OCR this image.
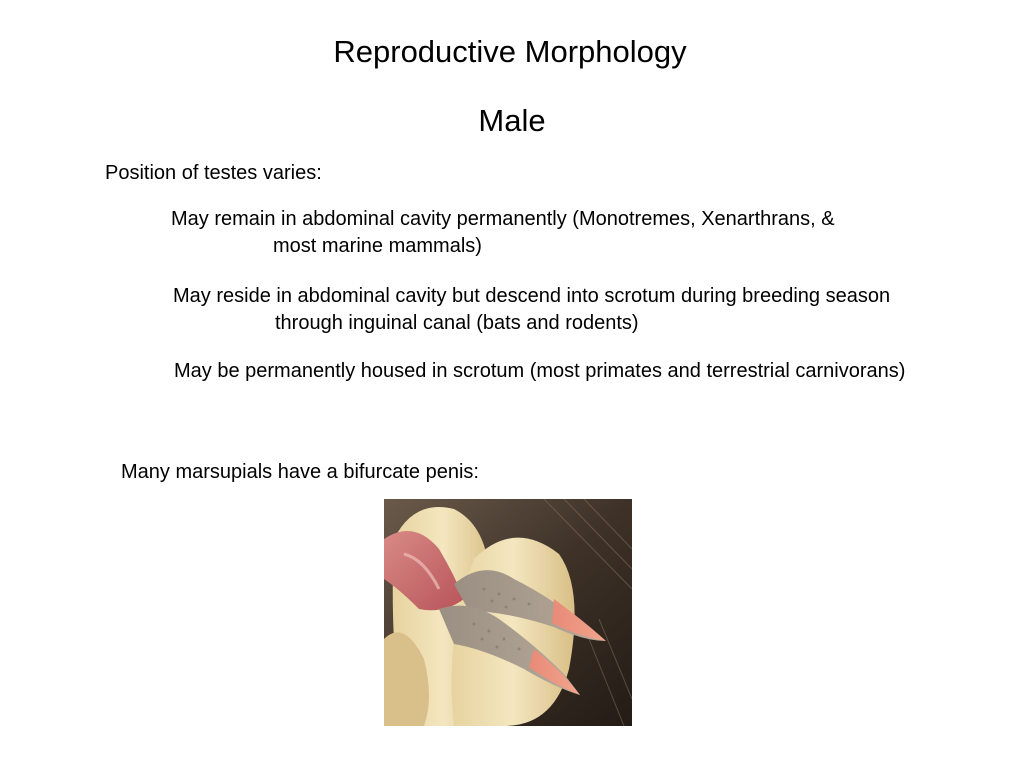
Reproductive Morphology
Male
Position of testes varies:
May remain in abdominal cavity permanently (Monotremes, Xenarthrans, &
most marine mammals)
May reside in abdominal cavity but descend into scrotum during breeding season
through inguinal canal (bats and rodents)
May be permanently housed in scrotum (most primates and terrestrial carnivorans)
Many marsupials have a bifurcate penis:
